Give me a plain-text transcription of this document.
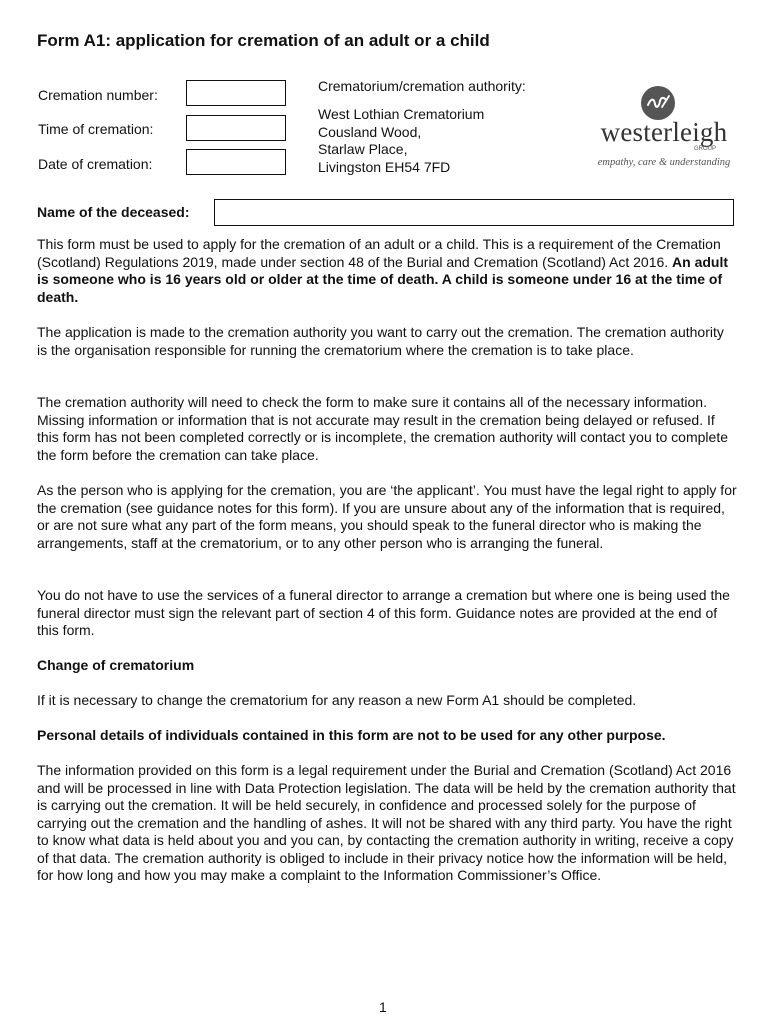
Form A1: application for cremation of an adult or a child
Cremation number:
Time of cremation:
Date of cremation:
Crematorium/cremation authority:
West Lothian Crematorium
Cousland Wood,
Starlaw Place,
Livingston EH54 7FD
westerleigh
GROUP
empathy, care & understanding
Name of the deceased:

This form must be used to apply for the cremation of an adult or a child. This is a requirement of the Cremation (Scotland) Regulations 2019, made under section 48 of the Burial and Cremation (Scotland) Act 2016. An adult is someone who is 16 years old or older at the time of death. A child is someone under 16 at the time of death.

The application is made to the cremation authority you want to carry out the cremation. The cremation authority is the organisation responsible for running the crematorium where the cremation is to take place.

The cremation authority will need to check the form to make sure it contains all of the necessary information. Missing information or information that is not accurate may result in the cremation being delayed or refused. If this form has not been completed correctly or is incomplete, the cremation authority will contact you to complete the form before the cremation can take place.

As the person who is applying for the cremation, you are ‘the applicant’. You must have the legal right to apply for the cremation (see guidance notes for this form). If you are unsure about any of the information that is required, or are not sure what any part of the form means, you should speak to the funeral director who is making the arrangements, staff at the crematorium, or to any other person who is arranging the funeral.

You do not have to use the services of a funeral director to arrange a cremation but where one is being used the funeral director must sign the relevant part of section 4 of this form. Guidance notes are provided at the end of this form.

Change of crematorium

If it is necessary to change the crematorium for any reason a new Form A1 should be completed.

Personal details of individuals contained in this form are not to be used for any other purpose.

The information provided on this form is a legal requirement under the Burial and Cremation (Scotland) Act 2016 and will be processed in line with Data Protection legislation. The data will be held by the cremation authority that is carrying out the cremation. It will be held securely, in confidence and processed solely for the purpose of carrying out the cremation and the handling of ashes. It will not be shared with any third party. You have the right to know what data is held about you and you can, by contacting the cremation authority in writing, receive a copy of that data. The cremation authority is obliged to include in their privacy notice how the information will be held, for how long and how you may make a complaint to the Information Commissioner’s Office.

1
